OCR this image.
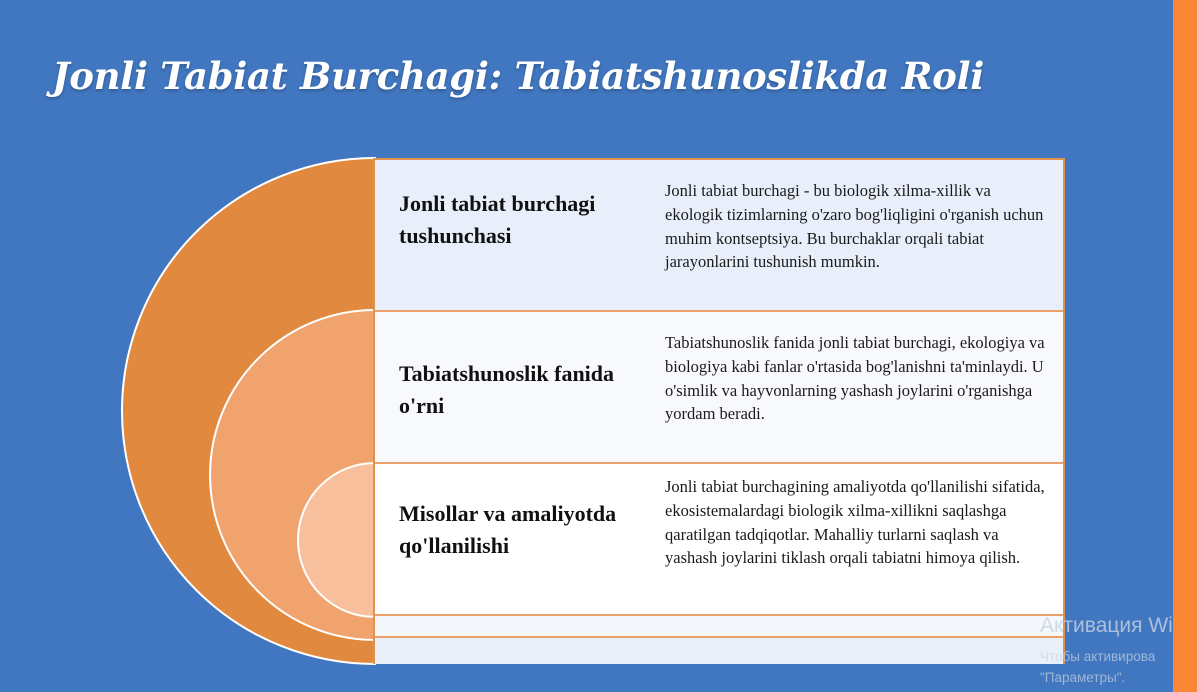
Jonli Tabiat Burchagi: Tabiatshunoslikda Roli
Jonli tabiat burchagi tushunchasi
Jonli tabiat burchagi - bu biologik xilma-xillik va ekologik tizimlarning o'zaro bog'liqligini o'rganish uchun muhim kontseptsiya. Bu burchaklar orqali tabiat jarayonlarini tushunish mumkin.
Tabiatshunoslik fanida o'rni
Tabiatshunoslik fanida jonli tabiat burchagi, ekologiya va biologiya kabi fanlar o'rtasida bog'lanishni ta'minlaydi. U o'simlik va hayvonlarning yashash joylarini o'rganishga yordam beradi.
Misollar va amaliyotda qo'llanilishi
Jonli tabiat burchagining amaliyotda qo'llanilishi sifatida, ekosistemalardagi biologik xilma-xillikni saqlashga qaratilgan tadqiqotlar. Mahalliy turlarni saqlash va yashash joylarini tiklash orqali tabiatni himoya qilish.
Активация Wi
Чтобы активирова
"Параметры".
